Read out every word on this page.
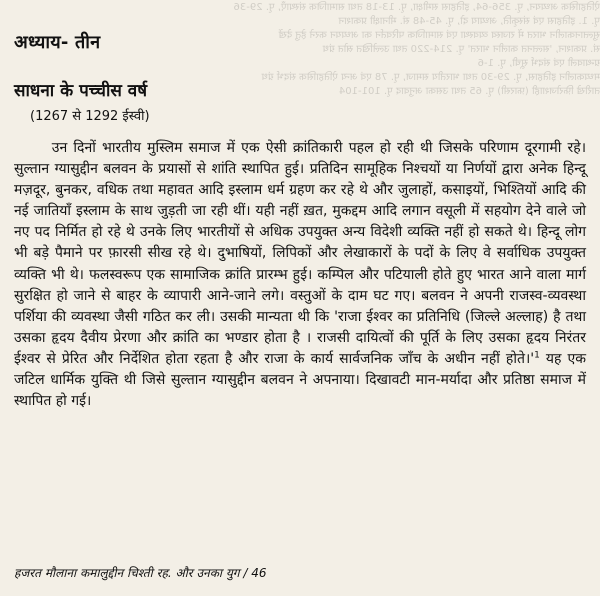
ऐतिहासिक अध्ययन, पृ. 356-64, इतिहास समीक्षा, पृ. 13-18 तथा सामाजिक संस्थाएँ, पृ. 29-36
पृ. 1. इतिहास एवं संस्कृति, अध्याय दो, पृ. 45-48 सं. मीनाक्षी प्रकाशन
सुल्तानकालीन भारत में राजस्व व्यवस्था एवं सामाजिक परिवर्तन का अध्ययन करने हेतु देखें
सं. प्रकाशन, 'सल्तनत कालीन भारत' पृ. 214-220 तथा उल्लेखित स्रोत ग्रंथ
ग्रन्थावली एवं संदर्भ सूची, पृ. 1-6
मध्यकालीन इतिहास, पृ. 29-30 तथा भारतीय समाज, पृ. 78 एवं अन्य ऐतिहासिक संदर्भ ग्रंथ
तारीखे फ़िरोजशाही (फ़ारसी) पृ. 65 तथा उसका अनुवाद पृ. 101-104
अध्याय- तीन
साधना के पच्चीस वर्ष
(1267 से 1292 ईस्वी)
उन दिनों भारतीय मुस्लिम समाज में एक ऐसी क्रांतिकारी पहल हो रही थी जिसके परिणाम दूरगामी रहे। सुल्तान ग्यासुद्दीन बलवन के प्रयासों से शांति स्थापित हुई। प्रतिदिन सामूहिक निश्चयों या निर्णयों द्वारा अनेक हिन्दू मज़दूर, बुनकर, वधिक तथा महावत आदि इस्लाम धर्म ग्रहण कर रहे थे और जुलाहों, कसाइयों, भिश्तियों आदि की नई जातियाँ इस्लाम के साथ जुड़ती जा रही थीं। यही नहीं ख़त, मुकद्दम आदि लगान वसूली में सहयोग देने वाले जो नए पद निर्मित हो रहे थे उनके लिए भारतीयों से अधिक उपयुक्त अन्य विदेशी व्यक्ति नहीं हो सकते थे। हिन्दू लोग भी बड़े पैमाने पर फ़ारसी सीख रहे थे। दुभाषियों, लिपिकों और लेखाकारों के पदों के लिए वे सर्वाधिक उपयुक्त व्यक्ति भी थे। फलस्वरूप एक सामाजिक क्रांति प्रारम्भ हुई। कम्पिल और पटियाली होते हुए भारत आने वाला मार्ग सुरक्षित हो जाने से बाहर के व्यापारी आने-जाने लगे। वस्तुओं के दाम घट गए। बलवन ने अपनी राजस्व-व्यवस्था पर्शिया की व्यवस्था जैसी गठित कर ली। उसकी मान्यता थी कि 'राजा ईश्वर का प्रतिनिधि (जिल्ले अल्लाह) है तथा उसका हृदय दैवीय प्रेरणा और क्रांति का भण्डार होता है । राजसी दायित्वों की पूर्ति के लिए उसका हृदय निरंतर ईश्वर से प्रेरित और निर्देशित होता रहता है और राजा के कार्य सार्वजनिक जाँच के अधीन नहीं $होते।'^1$ यह एक जटिल धार्मिक युक्ति थी जिसे सुल्तान ग्यासुद्दीन बलवन ने अपनाया। दिखावटी मान-मर्यादा और प्रतिष्ठा समाज में स्थापित हो गई।
हजरत मौलाना कमालुद्दीन चिश्ती रह. और उनका युग / 46
